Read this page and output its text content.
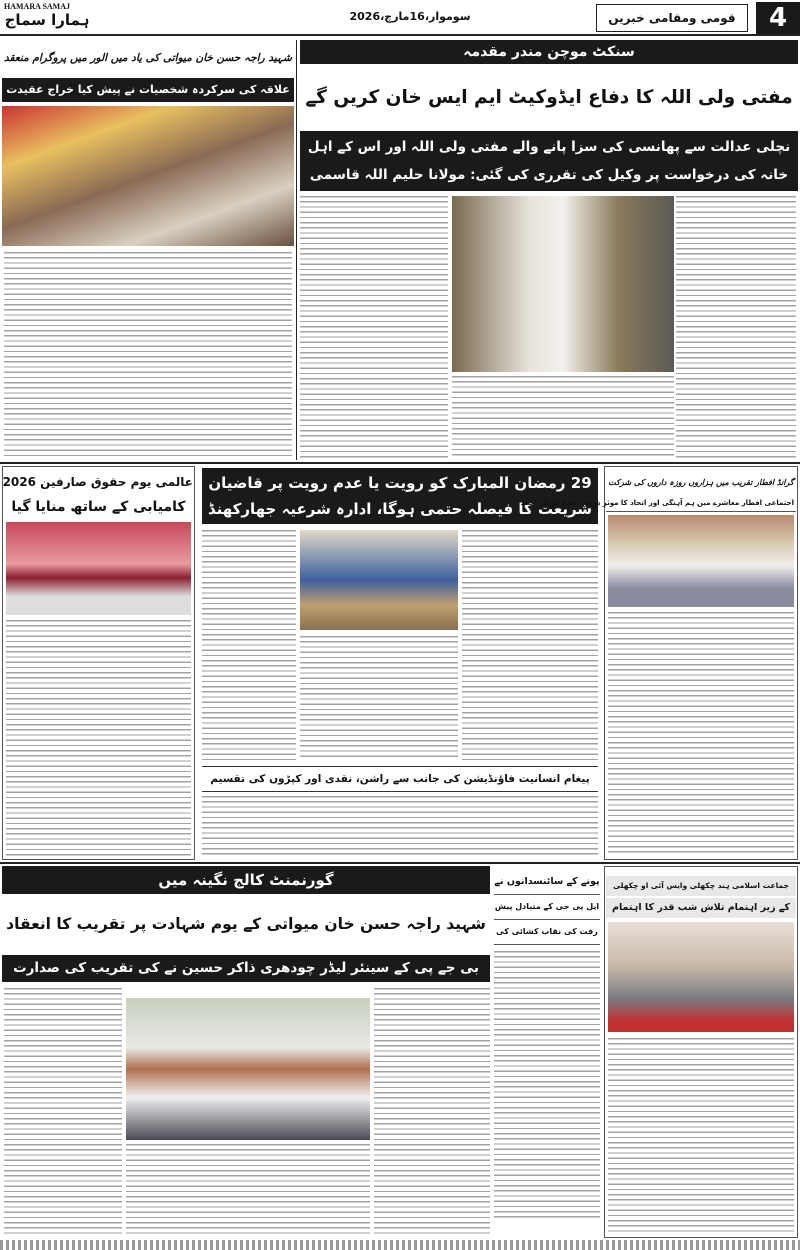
HAMARA SAMAJ
ہمارا سماج	سوموار،16مارچ،2026	قومی ومقامی خبریں	4
شہید راجہ حسن خان میواتی کی یاد میں الور میں پروگرام منعقد
علاقہ کی سرکردہ شخصیات نے پیش کیا خراج عقیدت
سنکٹ موچن مندر مقدمہ
مفتی ولی اللہ کا دفاع ایڈوکیٹ ایم ایس خان کریں گے
نچلی عدالت سے پھانسی کی سزا پانے والے مفتی ولی اللہ اور اس کے اہل
خانہ کی درخواست پر وکیل کی تقرری کی گئی: مولانا حلیم اللہ قاسمی
عالمی یوم حقوق صارفین 2026
کامیابی کے ساتھ منایا گیا
29 رمضان المبارک کو رویت یا عدم رویت پر قاضیان
شریعت کا فیصلہ حتمی ہوگا، ادارہ شرعیہ جھارکھنڈ
پیغام انسانیت فاؤنڈیشن کی جانب سے راشن، نقدی اور کپڑوں کی تقسیم
گرانڈ افطار تقریب میں ہزاروں روزہ داروں کی شرکت
اجتماعی افطار معاشرے میں ہم آہنگی اور اتحاد کا موثر ذریعہ: شیخ ابوبکر احمد
گورنمنٹ کالج نگینہ میں
شہید راجہ حسن خان میواتی کے یوم شہادت پر تقریب کا انعقاد
بی جے پی کے سینئر لیڈر چودھری ذاکر حسین نے کی تقریب کی صدارت
پونے کے سائنسدانوں نے
ایل پی جی کے متبادل پیش
رفت کی نقاب کشائی کی
جماعت اسلامی ہند چکھلی وایس آئی او چکھلی
کے زیر اہتمام تلاش شب قدر کا اہتمام
